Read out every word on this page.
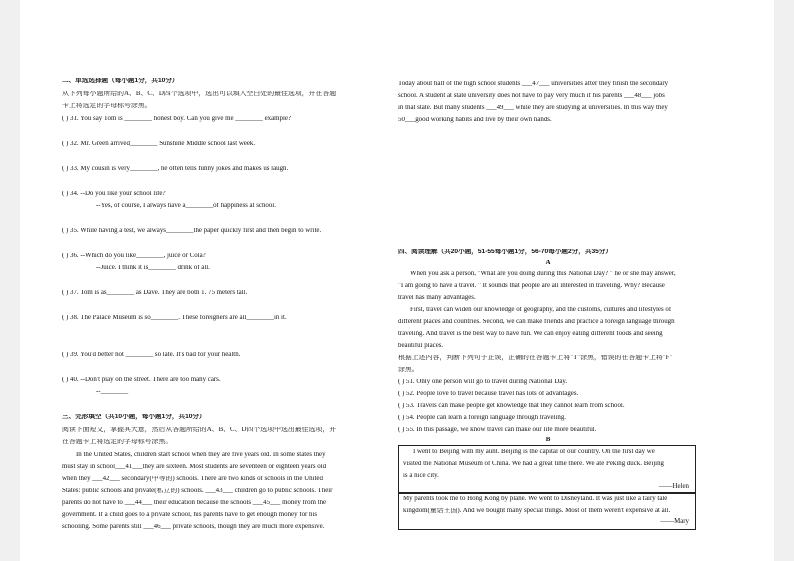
二、单选选择题（每小题1分，共10分）
从下列每小题所给的A、B、C、D四个选项中，选出可以填入空白处的最佳选项，并在答题
卡上将选定的字母标号涂黑。
( ) 31. You say Tom is ________ honest boy. Can you give me ________ example?
( ) 32. Mr. Green arrived________ Sunshine Middle school last week.
( ) 33. My cousin is very________, he often tells funny jokes and makes us laugh.
( ) 34. --Do you like your school life?
--Yes, of course, I always have a________of happiness at school.
( ) 35. While having a test, we always________the paper quickly first and then begin to write.
( ) 36. --Which do you like________, juice or Cola?
--Juice. I think it is________ drink of all.
( ) 37. Tom is as________ as Dave. They are both 1. 75 meters tall.
( ) 38. The Palace Museum is so________. These foreigners are all________in it.
( ) 39. You'd better not ________ so late. It's bad for your health.
( ) 40. --Don't play on the street. There are too many cars.
--________
三、完形填空（共10小题，每小题1分，共10分）
阅读下面短文，掌握其大意，然后从各题所给的A、B、C、D四个选项中选出最佳选项，并
在答题卡上将选定的字母标号涂黑。
In the United States, children start school when they are five years old. In some states they
must stay in school___41___they are sixteen. Most students are seventeen or eighteen years old
when they ___42___ secondary(中等的) schools. There are two kinds of schools in the United
States: public schools and private(私立的) schools. ___43___ children go to public schools. Their
parents do not have to ___44___ their education because the schools ___45___ money from the
government. If a child goes to a private school, his parents have to get enough money for his
schooling. Some parents still ___46___ private schools, though they are much more expensive.
Today about half of the high school students ___47___ universities after they finish the secondary
school. A student at state university does not have to pay very much if his parents ___48___ jobs
in that state. But many students ___49___ while they are studying at universities. In this way they
50___good working habits and live by their own hands.
四、阅读理解（共20小题，51-55每小题1分，56-70每小题2分，共35分）
A
When you ask a person, "What are you doing during this National Day? " he or she may answer,
"I am going to have a travel. " It sounds that people are all interested in traveling. Why? Because
travel has many advantages.
First, travel can widen our knowledge of geography, and the customs, cultures and lifestyles of
different places and countries. Second, we can make friends and practice a foreign language through
traveling. And travel is the best way to have fun. We can enjoy eating different foods and seeing
beautiful places.
根据上述内容，判断下列句子正误，正确的在答题卡上将"T"涂黑，错误的在答题卡上将"F"
涂黑。
( ) 51. Only one person will go to travel during National Day.
( ) 52. People love to travel because travel has lots of advantages.
( ) 53. Travels can make people get knowledge that they cannot learn from school.
( ) 54. People can learn a foreign language through traveling.
( ) 55. In this passage, we know travel can make our life more beautiful.
B
I went to Beijing with my aunt. Beijing is the capital of our country. On the first day we
visited the National Museum of China. We had a great time there. We ate Peking duck. Beijing
is a nice city.
——Helen
My parents took me to Hong Kong by plane. We went to Disneyland. It was just like a fairy tale
kingdom(童话王国). And we bought many special things. Most of them weren't expensive at all.
——Mary
